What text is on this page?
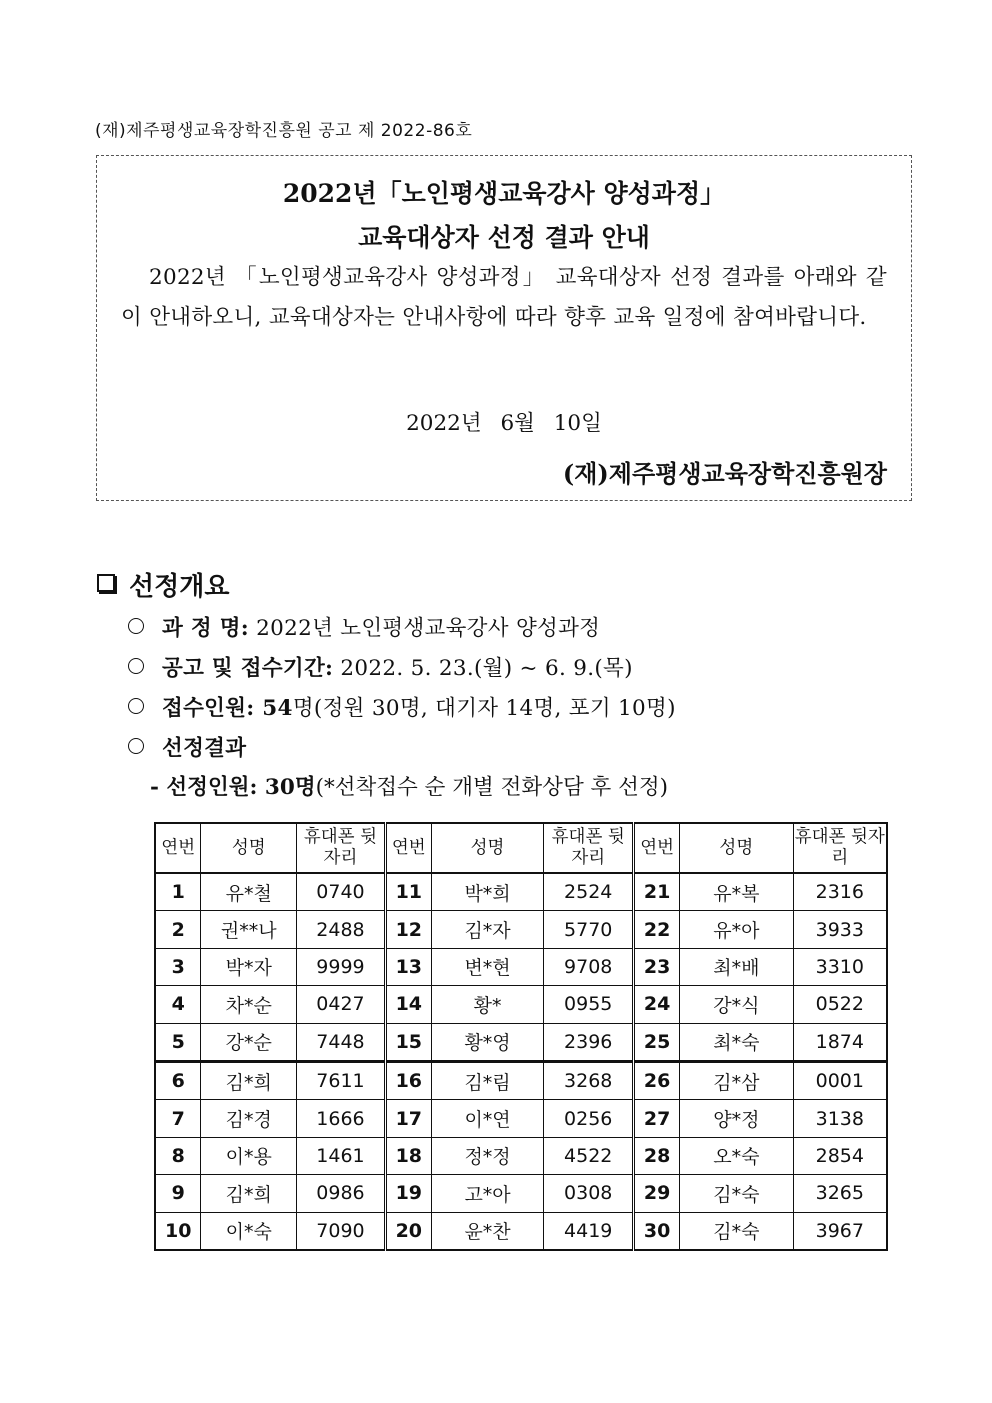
(재)제주평생교육장학진흥원 공고 제 2022-86호
2022년「노인평생교육강사 양성과정」
교육대상자 선정 결과 안내
2022년 「노인평생교육강사 양성과정」 교육대상자 선정 결과를 아래와 같이 안내하오니, 교육대상자는 안내사항에 따라 향후 교육 일정에 참여바랍니다.
2022년 6월 10일
(재)제주평생교육장학진흥원장
선정개요
과 정 명: 2022년 노인평생교육강사 양성과정
공고 및 접수기간: 2022. 5. 23.(월) ~ 6. 9.(목)
접수인원: 54명(정원 30명, 대기자 14명, 포기 10명)
선정결과
- 선정인원: 30명(*선착접수 순 개별 전화상담 후 선정)
연번	성명	휴대폰 뒷자리	연번	성명	휴대폰 뒷자리	연번	성명	휴대폰 뒷자리
1	유*철	0740	11	박*희	2524	21	유*복	2316
2	권**나	2488	12	김*자	5770	22	유*아	3933
3	박*자	9999	13	변*현	9708	23	최*배	3310
4	차*순	0427	14	황*	0955	24	강*식	0522
5	강*순	7448	15	황*영	2396	25	최*숙	1874
6	김*희	7611	16	김*림	3268	26	김*삼	0001
7	김*경	1666	17	이*연	0256	27	양*정	3138
8	이*용	1461	18	정*정	4522	28	오*숙	2854
9	김*희	0986	19	고*아	0308	29	김*숙	3265
10	이*숙	7090	20	윤*찬	4419	30	김*숙	3967
